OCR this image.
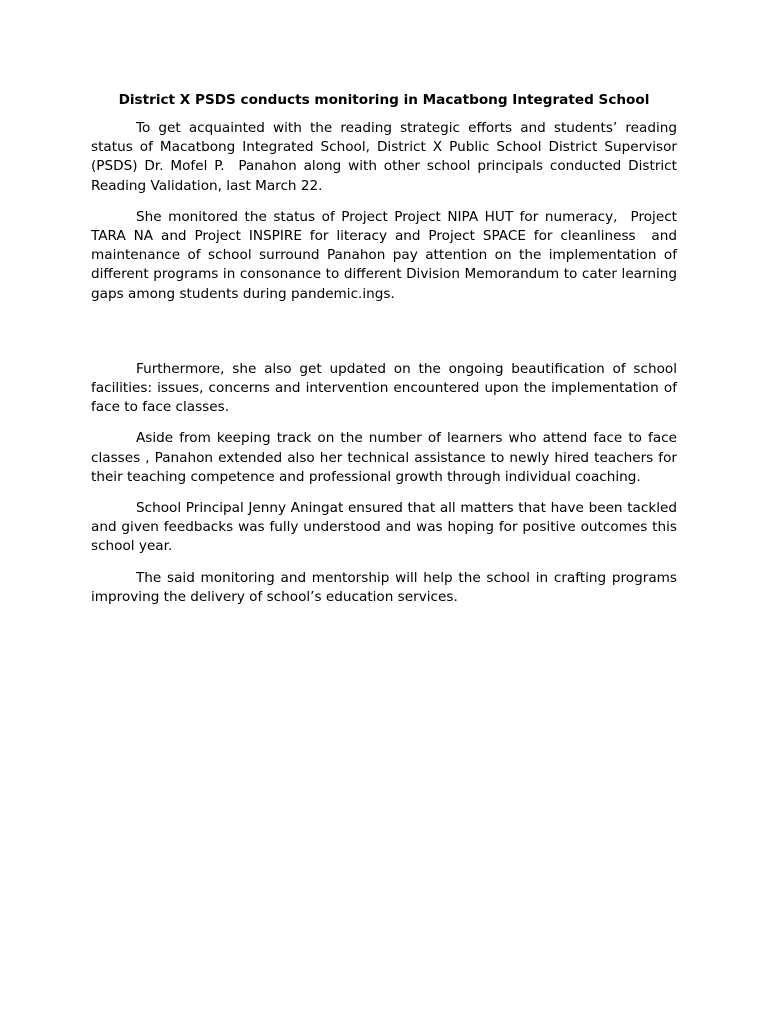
District X PSDS conducts monitoring in Macatbong Integrated School

To get acquainted with the reading strategic efforts and students’ reading status of Macatbong Integrated School, District X Public School District Supervisor (PSDS) Dr. Mofel P.  Panahon along with other school principals conducted District Reading Validation, last March 22.

She monitored the status of Project Project NIPA HUT for numeracy,  Project TARA NA and Project INSPIRE for literacy and Project SPACE for cleanliness  and maintenance of school surround Panahon pay attention on the implementation of different programs in consonance to different Division Memorandum to cater learning gaps among students during pandemic.ings.

Furthermore, she also get updated on the ongoing beautification of school facilities: issues, concerns and intervention encountered upon the implementation of face to face classes.

Aside from keeping track on the number of learners who attend face to face classes , Panahon extended also her technical assistance to newly hired teachers for their teaching competence and professional growth through individual coaching.

School Principal Jenny Aningat ensured that all matters that have been tackled and given feedbacks was fully understood and was hoping for positive outcomes this school year.

The said monitoring and mentorship will help the school in crafting programs improving the delivery of school’s education services.
